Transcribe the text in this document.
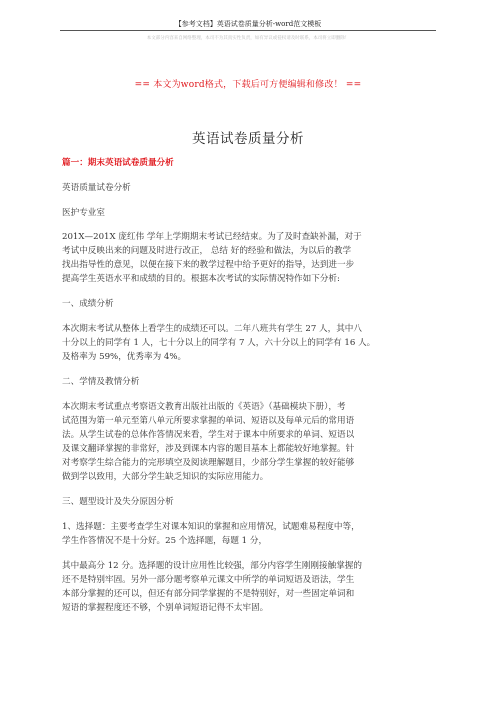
【参考文档】英语试卷质量分析-word范文模板
本文部分内容来自网络整理，本司不为其真实性负责，如有异议或侵权请及时联系，本司将立即删除！
== 本文为word格式，下载后可方便编辑和修改！ ==
英语试卷质量分析
篇一：期末英语试卷质量分析
英语质量试卷分析
医护专业室
201X—201X 庞红伟 学年上学期期末考试已经结束。为了及时查缺补漏，对于
考试中反映出来的问题及时进行改正， 总结 好的经验和做法，为以后的教学
找出指导性的意见，以便在接下来的教学过程中给予更好的指导，达到进一步
提高学生英语水平和成绩的目的。根据本次考试的实际情况特作如下分析:
一、成绩分析
本次期末考试从整体上看学生的成绩还可以。二年八班共有学生 27 人，其中八
十分以上的同学有 1 人，七十分以上的同学有 7 人，六十分以上的同学有 16 人。
及格率为 59%，优秀率为 4%。
二、学情及教情分析
本次期末考试重点考察语文教育出版社出版的《英语》（基础模块下册），考
试范围为第一单元至第八单元所要求掌握的单词、短语以及每单元后的常用语
法。从学生试卷的总体作答情况来看，学生对于课本中所要求的单词、短语以
及课文翻译掌握的非常好，涉及到课本内容的题目基本上都能较好地掌握。针
对考察学生综合能力的完形填空及阅读理解题目，少部分学生掌握的较好能够
做到学以致用，大部分学生缺乏知识的实际应用能力。
三、题型设计及失分原因分析
1、选择题：主要考查学生对课本知识的掌握和应用情况，试题难易程度中等，
学生作答情况不是十分好。25 个选择题，每题 1 分，
其中最高分 12 分。选择题的设计应用性比较强，部分内容学生刚刚接触掌握的
还不是特别牢固。另外一部分题考察单元课文中所学的单词短语及语法，学生
本部分掌握的还可以，但还有部分同学掌握的不是特别好，对一些固定单词和
短语的掌握程度还不够，个别单词短语记得不太牢固。
